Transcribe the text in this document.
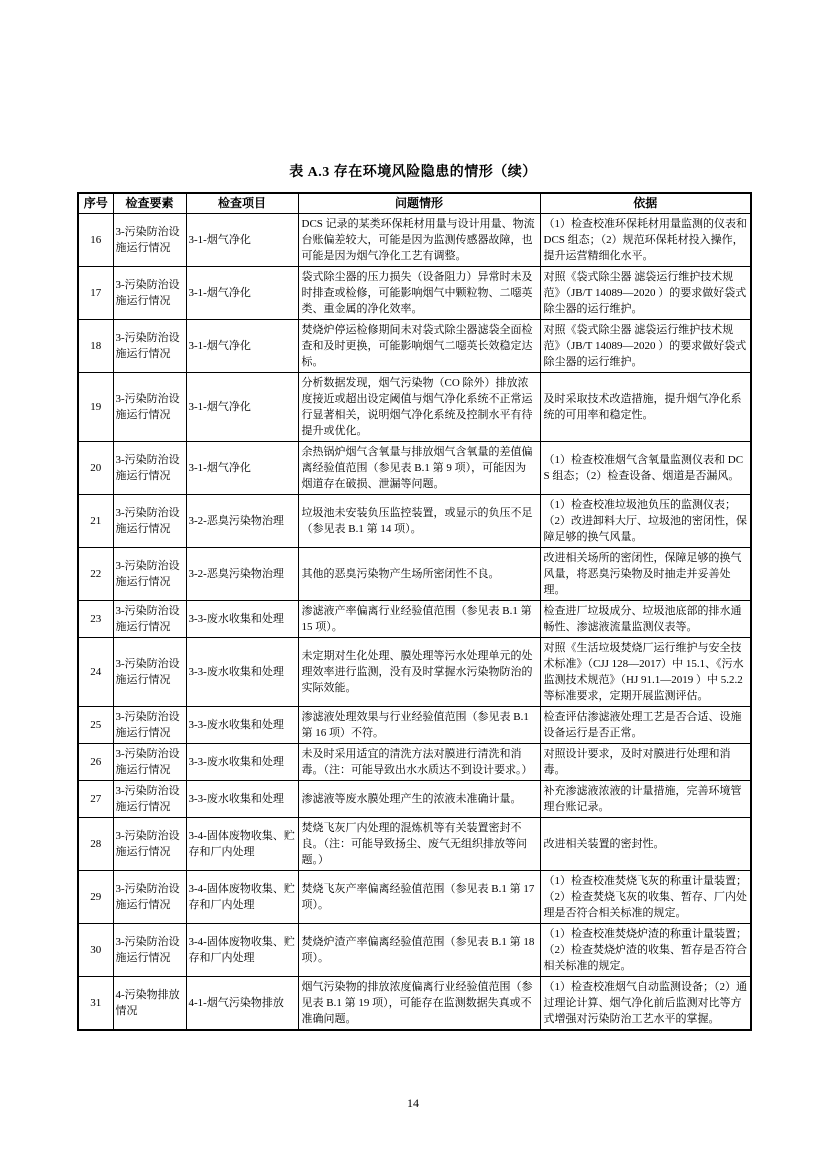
表 A.3 存在环境风险隐患的情形（续）
序号	检查要素	检查项目	问题情形	依据
16	3-污染防治设施运行情况	3-1-烟气净化	DCS 记录的某类环保耗材用量与设计用量、物流台账偏差较大，可能是因为监测传感器故障，也可能是因为烟气净化工艺有调整。	（1）检查校准环保耗材用量监测的仪表和 DCS 组态；（2）规范环保耗材投入操作，提升运营精细化水平。
17	3-污染防治设施运行情况	3-1-烟气净化	袋式除尘器的压力损失（设备阻力）异常时未及时排查或检修，可能影响烟气中颗粒物、二噁英类、重金属的净化效率。	对照《袋式除尘器 滤袋运行维护技术规范》（JB/T 14089—2020 ）的要求做好袋式除尘器的运行维护。
18	3-污染防治设施运行情况	3-1-烟气净化	焚烧炉停运检修期间未对袋式除尘器滤袋全面检查和及时更换，可能影响烟气二噁英长效稳定达标。	对照《袋式除尘器 滤袋运行维护技术规范》（JB/T 14089—2020 ）的要求做好袋式除尘器的运行维护。
19	3-污染防治设施运行情况	3-1-烟气净化	分析数据发现，烟气污染物（CO 除外）排放浓度接近或超出设定阈值与烟气净化系统不正常运行显著相关，说明烟气净化系统及控制水平有待提升或优化。	及时采取技术改造措施，提升烟气净化系统的可用率和稳定性。
20	3-污染防治设施运行情况	3-1-烟气净化	余热锅炉烟气含氧量与排放烟气含氧量的差值偏离经验值范围（参见表 B.1 第 9 项），可能因为烟道存在破损、泄漏等问题。	（1）检查校准烟气含氧量监测仪表和 DCS 组态；（2）检查设备、烟道是否漏风。
21	3-污染防治设施运行情况	3-2-恶臭污染物治理	垃圾池未安装负压监控装置，或显示的负压不足（参见表 B.1 第 14 项）。	（1）检查校准垃圾池负压的监测仪表；（2）改进卸料大厅、垃圾池的密闭性，保障足够的换气风量。
22	3-污染防治设施运行情况	3-2-恶臭污染物治理	其他的恶臭污染物产生场所密闭性不良。	改进相关场所的密闭性，保障足够的换气风量，将恶臭污染物及时抽走并妥善处理。
23	3-污染防治设施运行情况	3-3-废水收集和处理	渗滤液产率偏离行业经验值范围（参见表 B.1 第 15 项）。	检查进厂垃圾成分、垃圾池底部的排水通畅性、渗滤液流量监测仪表等。
24	3-污染防治设施运行情况	3-3-废水收集和处理	未定期对生化处理、膜处理等污水处理单元的处理效率进行监测，没有及时掌握水污染物防治的实际效能。	对照《生活垃圾焚烧厂运行维护与安全技术标准》（CJJ 128—2017）中 15.1、《污水监测技术规范》（HJ 91.1—2019 ）中 5.2.2 等标准要求，定期开展监测评估。
25	3-污染防治设施运行情况	3-3-废水收集和处理	渗滤液处理效果与行业经验值范围（参见表 B.1 第 16 项）不符。	检查评估渗滤液处理工艺是否合适、设施设备运行是否正常。
26	3-污染防治设施运行情况	3-3-废水收集和处理	未及时采用适宜的清洗方法对膜进行清洗和消毒。（注：可能导致出水水质达不到设计要求。）	对照设计要求，及时对膜进行处理和消毒。
27	3-污染防治设施运行情况	3-3-废水收集和处理	渗滤液等废水膜处理产生的浓液未准确计量。	补充渗滤液浓液的计量措施，完善环境管理台账记录。
28	3-污染防治设施运行情况	3-4-固体废物收集、贮存和厂内处理	焚烧飞灰厂内处理的混炼机等有关装置密封不良。（注：可能导致扬尘、废气无组织排放等问题。）	改进相关装置的密封性。
29	3-污染防治设施运行情况	3-4-固体废物收集、贮存和厂内处理	焚烧飞灰产率偏离经验值范围（参见表 B.1 第 17 项）。	（1）检查校准焚烧飞灰的称重计量装置；（2）检查焚烧飞灰的收集、暂存、厂内处理是否符合相关标准的规定。
30	3-污染防治设施运行情况	3-4-固体废物收集、贮存和厂内处理	焚烧炉渣产率偏离经验值范围（参见表 B.1 第 18 项）。	（1）检查校准焚烧炉渣的称重计量装置；（2）检查焚烧炉渣的收集、暂存是否符合相关标准的规定。
31	4-污染物排放情况	4-1-烟气污染物排放	烟气污染物的排放浓度偏离行业经验值范围（参见表 B.1 第 19 项），可能存在监测数据失真或不准确问题。	（1）检查校准烟气自动监测设备；（2）通过理论计算、烟气净化前后监测对比等方式增强对污染防治工艺水平的掌握。
14
